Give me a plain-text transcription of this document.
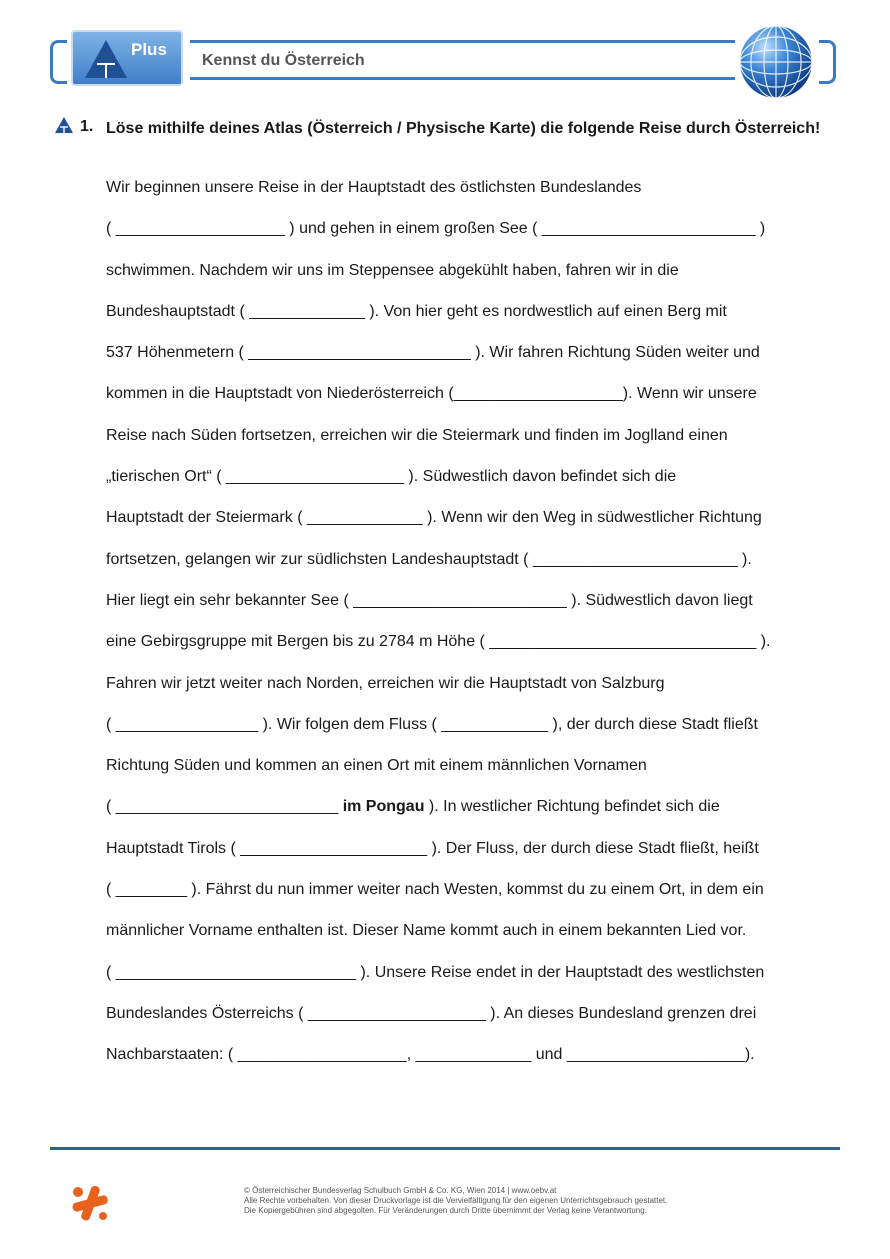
Plus
Kennst du Österreich
1. Löse mithilfe deines Atlas (Österreich / Physische Karte) die folgende Reise durch Österreich!
Wir beginnen unsere Reise in der Hauptstadt des östlichsten Bundeslandes
( ___________________ ) und gehen in einem großen See ( ________________________ )
schwimmen. Nachdem wir uns im Steppensee abgekühlt haben, fahren wir in die
Bundeshauptstadt ( _____________ ). Von hier geht es nordwestlich auf einen Berg mit
537 Höhenmetern ( _________________________ ). Wir fahren Richtung Süden weiter und
kommen in die Hauptstadt von Niederösterreich (___________________). Wenn wir unsere
Reise nach Süden fortsetzen, erreichen wir die Steiermark und finden im Joglland einen
„tierischen Ort“ ( ____________________ ). Südwestlich davon befindet sich die
Hauptstadt der Steiermark ( _____________ ). Wenn wir den Weg in südwestlicher Richtung
fortsetzen, gelangen wir zur südlichsten Landeshauptstadt ( _______________________ ).
Hier liegt ein sehr bekannter See ( ________________________ ). Südwestlich davon liegt
eine Gebirgsgruppe mit Bergen bis zu 2784 m Höhe ( ______________________________ ).
Fahren wir jetzt weiter nach Norden, erreichen wir die Hauptstadt von Salzburg
( ________________ ). Wir folgen dem Fluss ( ____________ ), der durch diese Stadt fließt
Richtung Süden und kommen an einen Ort mit einem männlichen Vornamen
( _________________________ im Pongau ). In westlicher Richtung befindet sich die
Hauptstadt Tirols ( _____________________ ). Der Fluss, der durch diese Stadt fließt, heißt
( ________ ). Fährst du nun immer weiter nach Westen, kommst du zu einem Ort, in dem ein
männlicher Vorname enthalten ist. Dieser Name kommt auch in einem bekannten Lied vor.
( ___________________________ ). Unsere Reise endet in der Hauptstadt des westlichsten
Bundeslandes Österreichs ( ____________________ ). An dieses Bundesland grenzen drei
Nachbarstaaten: ( ___________________, _____________ und ____________________).
© Österreichischer Bundesverlag Schulbuch GmbH & Co. KG, Wien 2014 | www.oebv.at
Alle Rechte vorbehalten. Von dieser Druckvorlage ist die Vervielfältigung für den eigenen Unterrichtsgebrauch gestattet.
Die Kopiergebühren sind abgegolten. Für Veränderungen durch Dritte übernimmt der Verlag keine Verantwortung.
